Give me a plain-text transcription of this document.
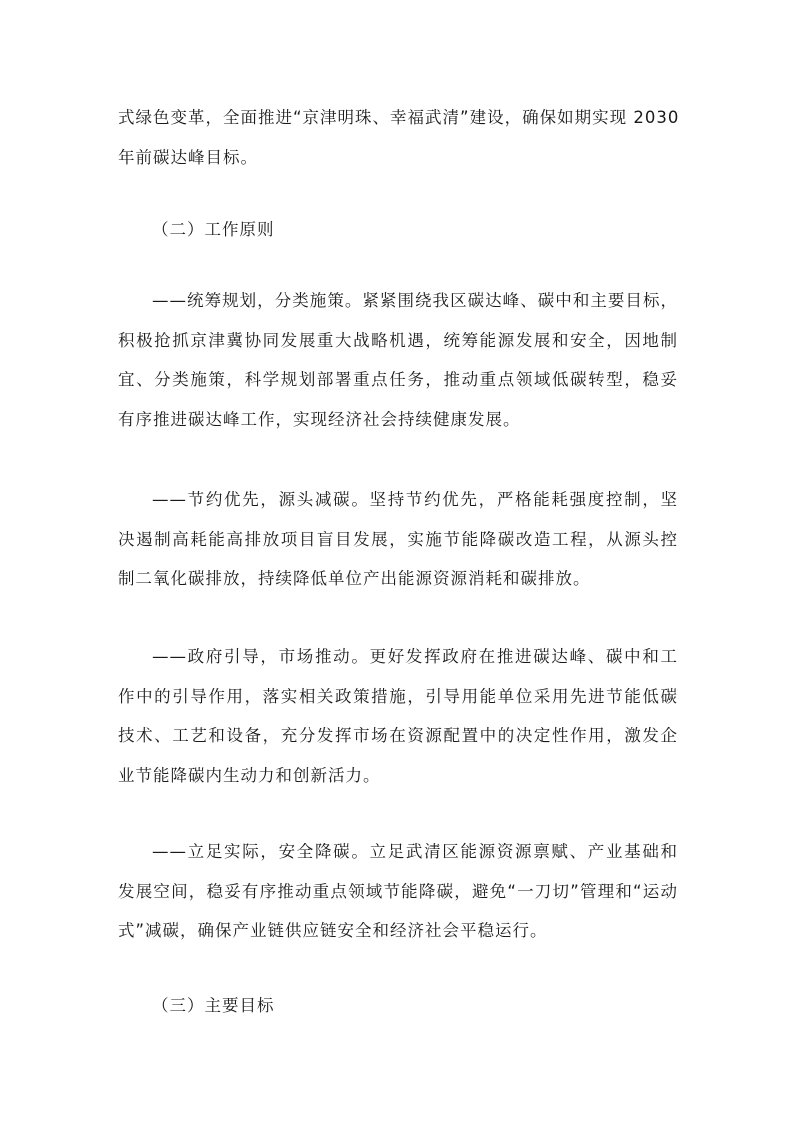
式绿色变革，全面推进“京津明珠、幸福武清”建设，确保如期实现 2030
年前碳达峰目标。
（二）工作原则
——统筹规划，分类施策。紧紧围绕我区碳达峰、碳中和主要目标，
积极抢抓京津冀协同发展重大战略机遇，统筹能源发展和安全，因地制
宜、分类施策，科学规划部署重点任务，推动重点领域低碳转型，稳妥
有序推进碳达峰工作，实现经济社会持续健康发展。
——节约优先，源头减碳。坚持节约优先，严格能耗强度控制，坚
决遏制高耗能高排放项目盲目发展，实施节能降碳改造工程，从源头控
制二氧化碳排放，持续降低单位产出能源资源消耗和碳排放。
——政府引导，市场推动。更好发挥政府在推进碳达峰、碳中和工
作中的引导作用，落实相关政策措施，引导用能单位采用先进节能低碳
技术、工艺和设备，充分发挥市场在资源配置中的决定性作用，激发企
业节能降碳内生动力和创新活力。
——立足实际，安全降碳。立足武清区能源资源禀赋、产业基础和
发展空间，稳妥有序推动重点领域节能降碳，避免“一刀切”管理和“运动
式”减碳，确保产业链供应链安全和经济社会平稳运行。
（三）主要目标
